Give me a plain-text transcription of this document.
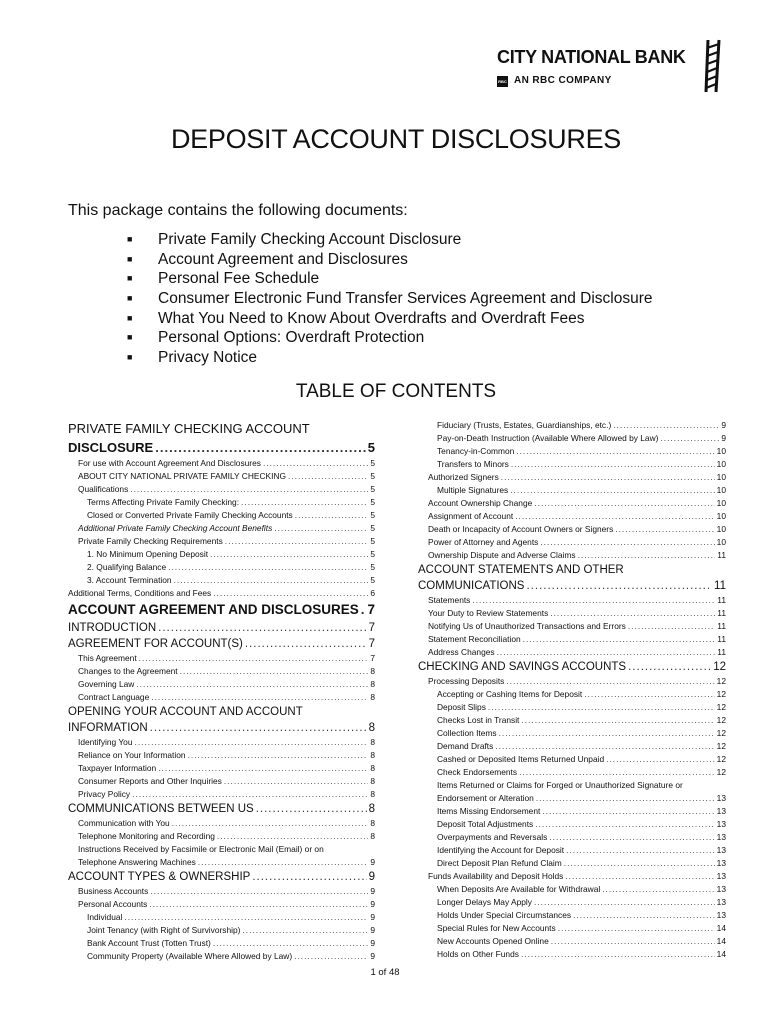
CITY NATIONAL BANK
RBC AN RBC COMPANY
DEPOSIT ACCOUNT DISCLOSURES
This package contains the following documents:
■ Private Family Checking Account Disclosure
■ Account Agreement and Disclosures
■ Personal Fee Schedule
■ Consumer Electronic Fund Transfer Services Agreement and Disclosure
■ What You Need to Know About Overdrafts and Overdraft Fees
■ Personal Options: Overdraft Protection
■ Privacy Notice
TABLE OF CONTENTS
PRIVATE FAMILY CHECKING ACCOUNT
DISCLOSURE .....	5
For use with Account Agreement And Disclosures .....	5
ABOUT CITY NATIONAL PRIVATE FAMILY CHECKING .....	5
Qualifications .....	5
Terms Affecting Private Family Checking: .....	5
Closed or Converted Private Family Checking Accounts .....	5
Additional Private Family Checking Account Benefits .....	5
Private Family Checking Requirements .....	5
1. No Minimum Opening Deposit .....	5
2. Qualifying Balance .....	5
3. Account Termination .....	5
Additional Terms, Conditions and Fees .....	6
ACCOUNT AGREEMENT AND DISCLOSURES ..... 7
INTRODUCTION .....	7
AGREEMENT FOR ACCOUNT(S) .....	7
This Agreement .....	7
Changes to the Agreement .....	8
Governing Law .....	8
Contract Language .....	8
OPENING YOUR ACCOUNT AND ACCOUNT
INFORMATION .....	8
Identifying You .....	8
Reliance on Your Information .....	8
Taxpayer Information .....	8
Consumer Reports and Other Inquiries .....	8
Privacy Policy .....	8
COMMUNICATIONS BETWEEN US .....	8
Communication with You .....	8
Telephone Monitoring and Recording .....	8
Instructions Received by Facsimile or Electronic Mail (Email) or on
Telephone Answering Machines .....	9
ACCOUNT TYPES & OWNERSHIP .....	9
Business Accounts .....	9
Personal Accounts .....	9
Individual .....	9
Joint Tenancy (with Right of Survivorship) .....	9
Bank Account Trust (Totten Trust) .....	9
Community Property (Available Where Allowed by Law) .....	9
Fiduciary (Trusts, Estates, Guardianships, etc.) .....	9
Pay-on-Death Instruction (Available Where Allowed by Law) .....	9
Tenancy-in-Common .....	10
Transfers to Minors .....	10
Authorized Signers .....	10
Multiple Signatures .....	10
Account Ownership Change .....	10
Assignment of Account .....	10
Death or Incapacity of Account Owners or Signers .....	10
Power of Attorney and Agents .....	10
Ownership Dispute and Adverse Claims .....	11
ACCOUNT STATEMENTS AND OTHER
COMMUNICATIONS .....	11
Statements .....	11
Your Duty to Review Statements .....	11
Notifying Us of Unauthorized Transactions and Errors .....	11
Statement Reconciliation .....	11
Address Changes .....	11
CHECKING AND SAVINGS ACCOUNTS .....	12
Processing Deposits .....	12
Accepting or Cashing Items for Deposit .....	12
Deposit Slips .....	12
Checks Lost in Transit .....	12
Collection Items .....	12
Demand Drafts .....	12
Cashed or Deposited Items Returned Unpaid .....	12
Check Endorsements .....	12
Items Returned or Claims for Forged or Unauthorized Signature or
Endorsement or Alteration .....	13
Items Missing Endorsement .....	13
Deposit Total Adjustments .....	13
Overpayments and Reversals .....	13
Identifying the Account for Deposit .....	13
Direct Deposit Plan Refund Claim .....	13
Funds Availability and Deposit Holds .....	13
When Deposits Are Available for Withdrawal .....	13
Longer Delays May Apply .....	13
Holds Under Special Circumstances .....	13
Special Rules for New Accounts .....	14
New Accounts Opened Online .....	14
Holds on Other Funds .....	14
1 of 48
